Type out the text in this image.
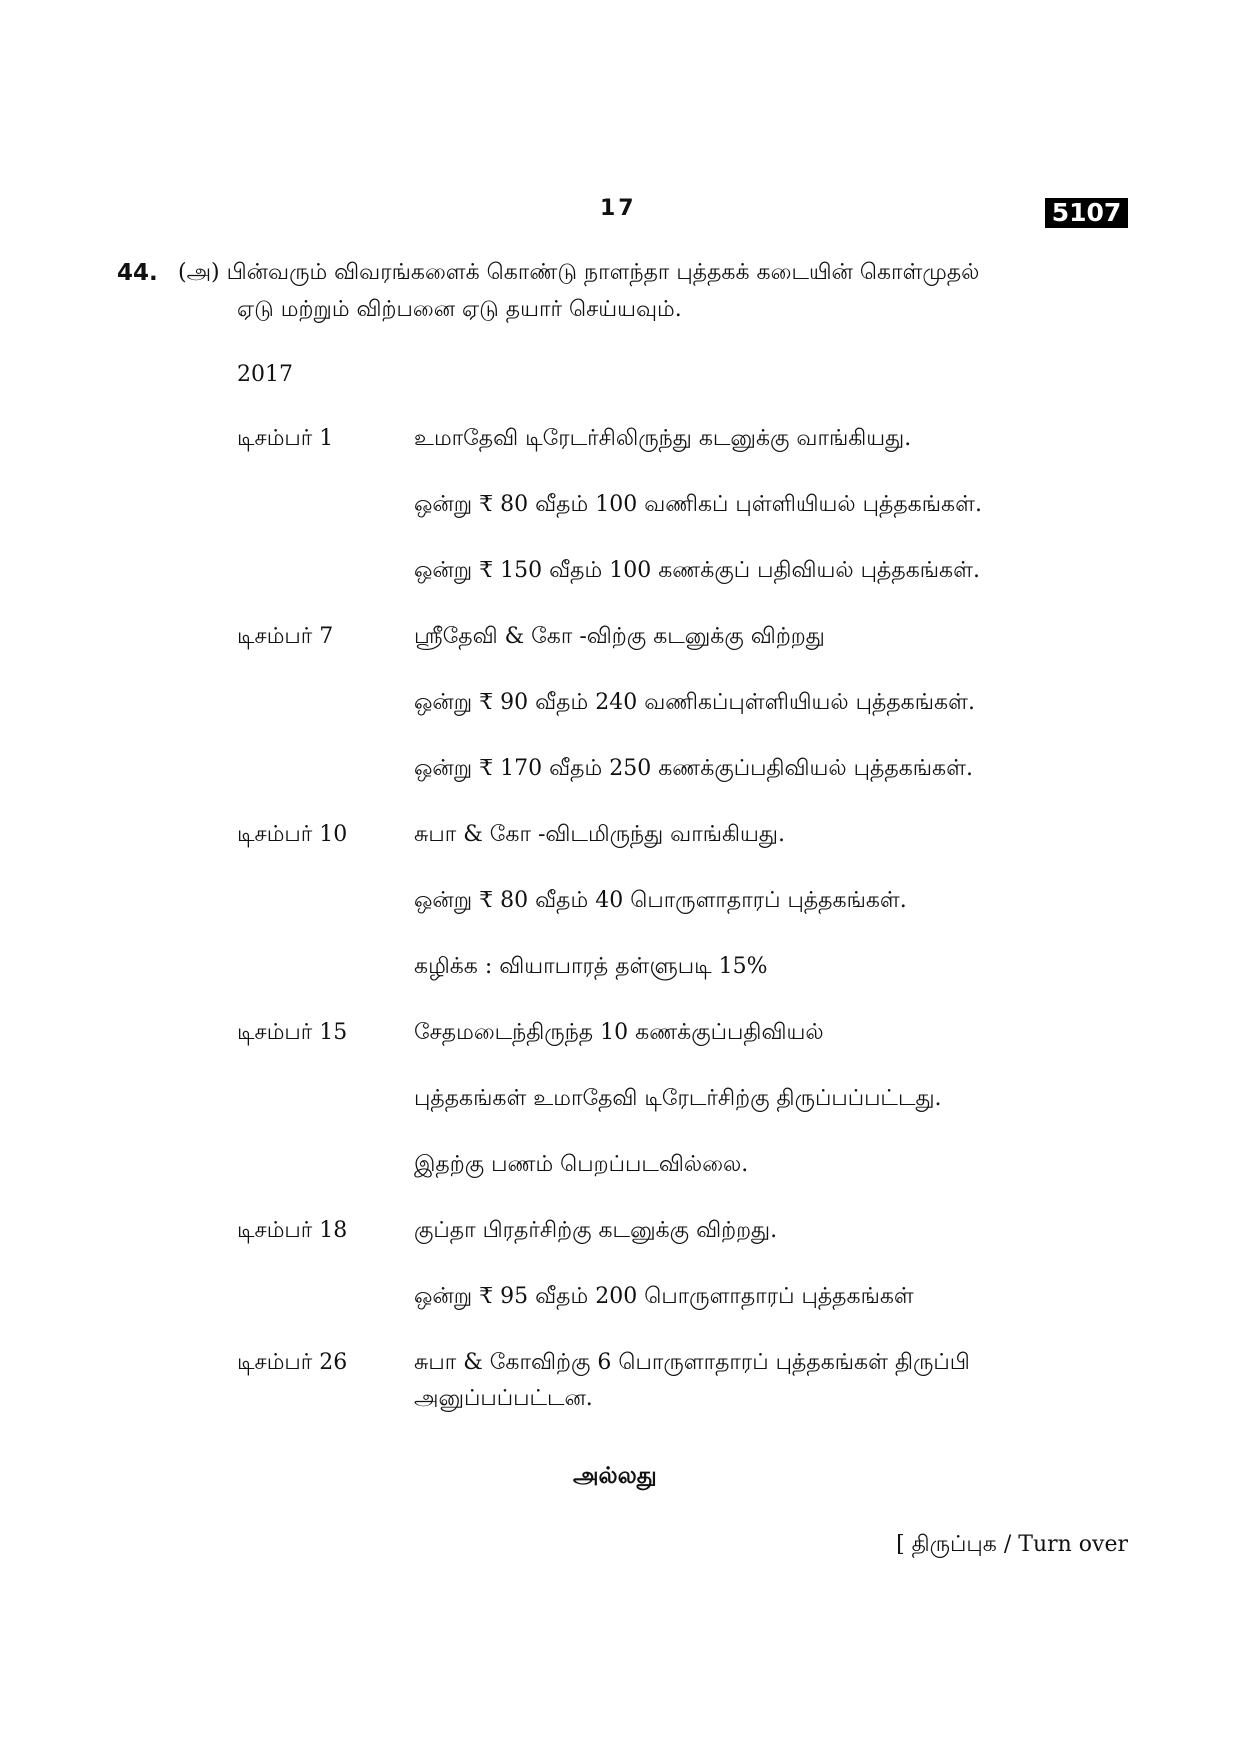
17	5107
44. (அ) பின்வரும் விவரங்களைக் கொண்டு நாளந்தா புத்தகக் கடையின் கொள்முதல்
ஏடு மற்றும் விற்பனை ஏடு தயார் செய்யவும்.
2017
டிசம்பர் 1	உமாதேவி டிரேடர்சிலிருந்து கடனுக்கு வாங்கியது.
ஒன்று ₹ 80 வீதம் 100 வணிகப் புள்ளியியல் புத்தகங்கள்.
ஒன்று ₹ 150 வீதம் 100 கணக்குப் பதிவியல் புத்தகங்கள்.
டிசம்பர் 7	ஸ்ரீதேவி & கோ -விற்கு கடனுக்கு விற்றது
ஒன்று ₹ 90 வீதம் 240 வணிகப்புள்ளியியல் புத்தகங்கள்.
ஒன்று ₹ 170 வீதம் 250 கணக்குப்பதிவியல் புத்தகங்கள்.
டிசம்பர் 10	சுபா & கோ -விடமிருந்து வாங்கியது.
ஒன்று ₹ 80 வீதம் 40 பொருளாதாரப் புத்தகங்கள்.
கழிக்க : வியாபாரத் தள்ளுபடி 15%
டிசம்பர் 15	சேதமடைந்திருந்த 10 கணக்குப்பதிவியல்
புத்தகங்கள் உமாதேவி டிரேடர்சிற்கு திருப்பப்பட்டது.
இதற்கு பணம் பெறப்படவில்லை.
டிசம்பர் 18	குப்தா பிரதர்சிற்கு கடனுக்கு விற்றது.
ஒன்று ₹ 95 வீதம் 200 பொருளாதாரப் புத்தகங்கள்
டிசம்பர் 26	சுபா & கோவிற்கு 6 பொருளாதாரப் புத்தகங்கள் திருப்பி
அனுப்பப்பட்டன.
அல்லது
[ திருப்புக / Turn over
